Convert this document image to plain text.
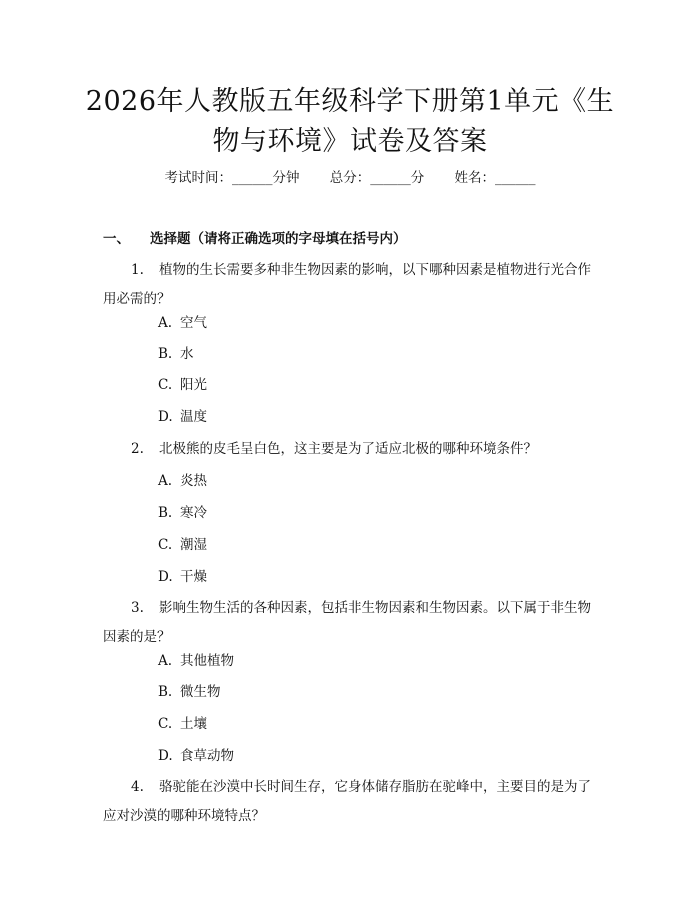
2026年人教版五年级科学下册第1单元《生
物与环境》试卷及答案
考试时间：______分钟 总分：______分 姓名：______
一、 选择题（请将正确选项的字母填在括号内）
1. 植物的生长需要多种非生物因素的影响，以下哪种因素是植物进行光合作用必需的？
A. 空气
B. 水
C. 阳光
D. 温度
2. 北极熊的皮毛呈白色，这主要是为了适应北极的哪种环境条件？
A. 炎热
B. 寒冷
C. 潮湿
D. 干燥
3. 影响生物生活的各种因素，包括非生物因素和生物因素。以下属于非生物因素的是？
A. 其他植物
B. 微生物
C. 土壤
D. 食草动物
4. 骆驼能在沙漠中长时间生存，它身体储存脂肪在驼峰中，主要目的是为了应对沙漠的哪种环境特点？
